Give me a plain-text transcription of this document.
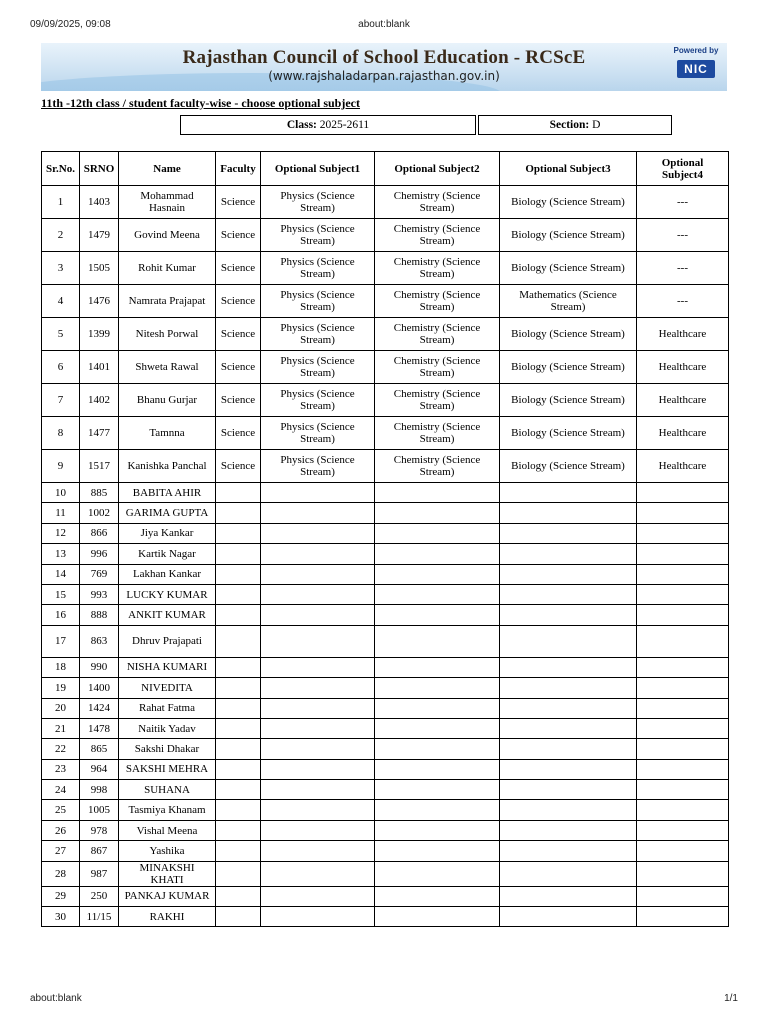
09/09/2025, 09:08	about:blank
Rajasthan Council of School Education - RCScE
(www.rajshaladarpan.rajasthan.gov.in)
Powered by
NIC
11th -12th class / student faculty-wise - choose optional subject
Class: 2025-2611	Section: D
Sr.No.	SRNO	Name	Faculty	Optional Subject1	Optional Subject2	Optional Subject3	Optional Subject4
1	1403	Mohammad Hasnain	Science	Physics (Science Stream)	Chemistry (Science Stream)	Biology (Science Stream)	---
2	1479	Govind Meena	Science	Physics (Science Stream)	Chemistry (Science Stream)	Biology (Science Stream)	---
3	1505	Rohit Kumar	Science	Physics (Science Stream)	Chemistry (Science Stream)	Biology (Science Stream)	---
4	1476	Namrata Prajapat	Science	Physics (Science Stream)	Chemistry (Science Stream)	Mathematics (Science Stream)	---
5	1399	Nitesh Porwal	Science	Physics (Science Stream)	Chemistry (Science Stream)	Biology (Science Stream)	Healthcare
6	1401	Shweta Rawal	Science	Physics (Science Stream)	Chemistry (Science Stream)	Biology (Science Stream)	Healthcare
7	1402	Bhanu Gurjar	Science	Physics (Science Stream)	Chemistry (Science Stream)	Biology (Science Stream)	Healthcare
8	1477	Tamnna	Science	Physics (Science Stream)	Chemistry (Science Stream)	Biology (Science Stream)	Healthcare
9	1517	Kanishka Panchal	Science	Physics (Science Stream)	Chemistry (Science Stream)	Biology (Science Stream)	Healthcare
10	885	BABITA AHIR					
11	1002	GARIMA GUPTA					
12	866	Jiya Kankar					
13	996	Kartik Nagar					
14	769	Lakhan Kankar					
15	993	LUCKY KUMAR					
16	888	ANKIT KUMAR					
17	863	Dhruv Prajapati					
18	990	NISHA KUMARI					
19	1400	NIVEDITA					
20	1424	Rahat Fatma					
21	1478	Naitik Yadav					
22	865	Sakshi Dhakar					
23	964	SAKSHI MEHRA					
24	998	SUHANA					
25	1005	Tasmiya Khanam					
26	978	Vishal Meena					
27	867	Yashika					
28	987	MINAKSHI KHATI					
29	250	PANKAJ KUMAR					
30	11/15	RAKHI					
about:blank	1/1
